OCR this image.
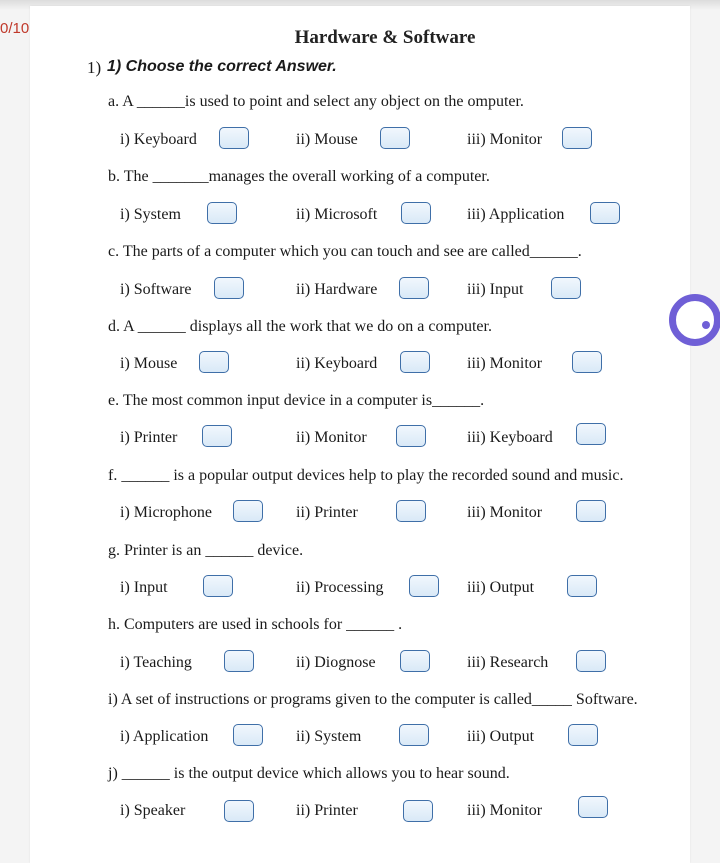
0/10	Hardware & Software
1) 1) Choose the correct Answer.
a. A ______is used to point and select any object on the omputer.
i) Keyboard	ii) Mouse	iii) Monitor
b. The _______manages the overall working of a computer.
i) System	ii) Microsoft	iii) Application
c. The parts of a computer which you can touch and see are called______.
i) Software	ii) Hardware	iii) Input
d. A ______ displays all the work that we do on a computer.
i) Mouse	ii) Keyboard	iii) Monitor
e. The most common input device in a computer is______.
i) Printer	ii) Monitor	iii) Keyboard
f. ______ is a popular output devices help to play the recorded sound and music.
i) Microphone	ii) Printer	iii) Monitor
g. Printer is an ______ device.
i) Input	ii) Processing	iii) Output
h. Computers are used in schools for ______ .
i) Teaching	ii) Diognose	iii) Research
i) A set of instructions or programs given to the computer is called_____ Software.
i) Application	ii) System	iii) Output
j) ______ is the output device which allows you to hear sound.
i) Speaker	ii) Printer	iii) Monitor
